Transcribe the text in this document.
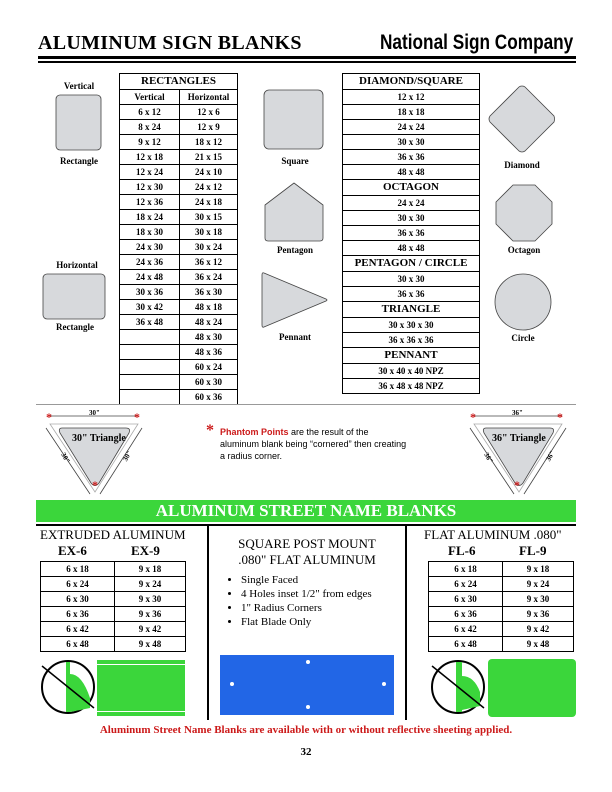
ALUMINUM SIGN BLANKS	National Sign Company
Vertical
Rectangle
Horizontal
Rectangle
RECTANGLES	
Vertical	Horizontal
6 x 12	12 x 6
8 x 24	12 x 9
9 x 12	18 x 12
12 x 18	21 x 15
12 x 24	24 x 10
12 x 30	24 x 12
12 x 36	24 x 18
18 x 24	30 x 15
18 x 30	30 x 18
24 x 30	30 x 24
24 x 36	36 x 12
24 x 48	36 x 24
30 x 36	36 x 30
30 x 42	48 x 18
36 x 48	48 x 24
	48 x 30
	48 x 36
	60 x 24
	60 x 30
	60 x 36
Square
Pentagon
Pennant
DIAMOND/SQUARE
12 x 12
18 x 18
24 x 24
30 x 30
36 x 36
48 x 48
OCTAGON
24 x 24
30 x 30
36 x 36
48 x 48
PENTAGON / CIRCLE
30 x 30
36 x 36
TRIANGLE
30 x 30 x 30
36 x 36 x 36
PENNANT
30 x 40 x 40 NPZ
36 x 48 x 48 NPZ
Diamond
Octagon
Circle
30"
30"	30"
30" Triangle
*	*
*
36"
36"	36"
36" Triangle
*	*
*
* Phantom Points are the result of the aluminum blank being “cornered” then creating a radius corner.
ALUMINUM STREET NAME BLANKS
EXTRUDED ALUMINUM
EX-6	EX-9
6 x 18	9 x 18
6 x 24	9 x 24
6 x 30	9 x 30
6 x 36	9 x 36
6 x 42	9 x 42
6 x 48	9 x 48
SQUARE POST MOUNT
.080" FLAT ALUMINUM
• Single Faced
• 4 Holes inset 1/2" from edges
• 1" Radius Corners
• Flat Blade Only
FLAT ALUMINUM .080"
FL-6	FL-9
6 x 18	9 x 18
6 x 24	9 x 24
6 x 30	9 x 30
6 x 36	9 x 36
6 x 42	9 x 42
6 x 48	9 x 48
Aluminum Street Name Blanks are available with or without reflective sheeting applied.
32
